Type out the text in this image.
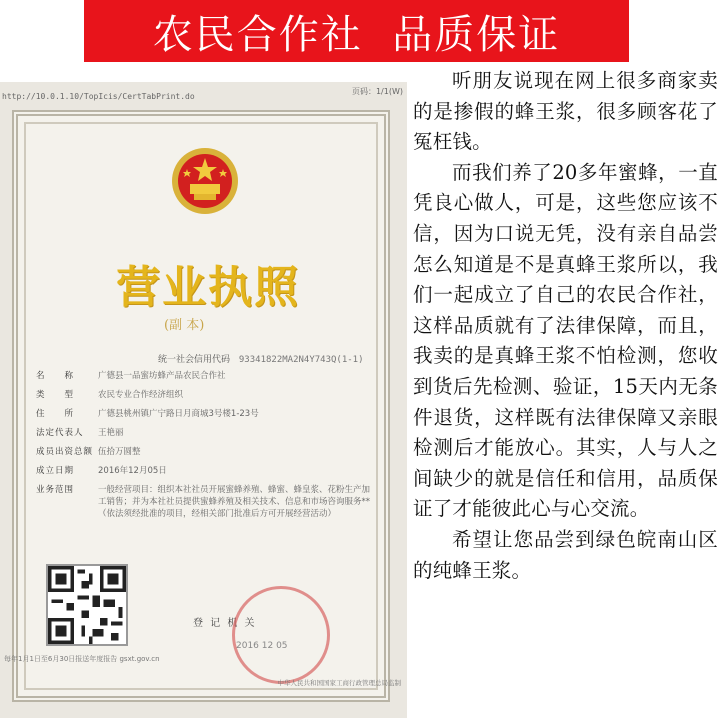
农民合作社  品质保证
http://10.0.1.10/TopIcis/CertTabPrint.do
页码：1/1(W)
营业执照
(副 本)
统一社会信用代码 93341822MA2N4Y743Q(1-1)
名　　称	广德县一品蜜坊蜂产品农民合作社
类　　型	农民专业合作经济组织
住　　所	广德县桃州镇广宁路日月商城3号楼1-23号
法定代表人	王艳丽
成员出资总额 伍拾万圆整
成立日期	2016年12月05日
业务范围	一般经营项目：组织本社社员开展蜜蜂养殖、蜂蜜、蜂皇浆、花粉生产加工销售；并为本社社员提供蜜蜂养殖及相关技术、信息和市场咨询服务**（依法须经批准的项目，经相关部门批准后方可开展经营活动）
登 记 机 关
2016 12 05
每年1月1日至6月30日报送年度报告 gsxt.gov.cn
中华人民共和国国家工商行政管理总局监制

听朋友说现在网上很多商家卖的是掺假的蜂王浆，很多顾客花了冤枉钱。

而我们养了20多年蜜蜂，一直凭良心做人，可是，这些您应该不信，因为口说无凭，没有亲自品尝怎么知道是不是真蜂王浆所以，我们一起成立了自己的农民合作社，这样品质就有了法律保障，而且，我卖的是真蜂王浆不怕检测，您收到货后先检测、验证，15天内无条件退货，这样既有法律保障又亲眼检测后才能放心。其实，人与人之间缺少的就是信任和信用，品质保证了才能彼此心与心交流。

希望让您品尝到绿色皖南山区的纯蜂王浆。
